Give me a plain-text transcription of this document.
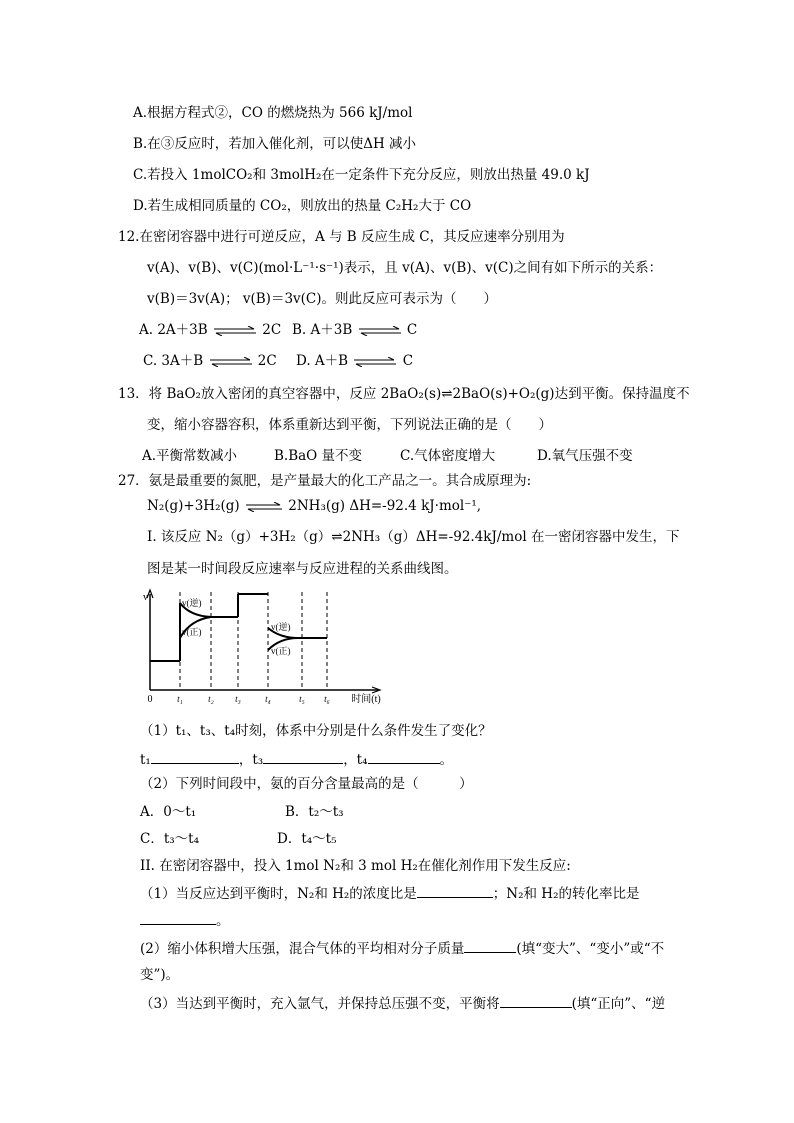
A.根据方程式②，CO 的燃烧热为 566 kJ/mol
B.在③反应时，若加入催化剂，可以使ΔH 减小
C.若投入 1molCO₂和 3molH₂在一定条件下充分反应，则放出热量 49.0 kJ
D.若生成相同质量的 CO₂，则放出的热量 C₂H₂大于 CO
12.在密闭容器中进行可逆反应，A 与 B 反应生成 C，其反应速率分别用为
v(A)、v(B)、v(C)(mol·L⁻¹·s⁻¹)表示，且 v(A)、v(B)、v(C)之间有如下所示的关系：
v(B)＝3v(A)； v(B)＝3v(C)。则此反应可表示为（　　）
A. 2A＋3B ⇌ 2C B. A＋3B ⇌ C
C. 3A＋B ⇌ 2C D. A＋B ⇌ C
13．将 BaO₂放入密闭的真空容器中，反应 2BaO₂(s)⇌2BaO(s)+O₂(g)达到平衡。保持温度不
变，缩小容器容积，体系重新达到平衡，下列说法正确的是（　　）
A.平衡常数减小	B.BaO 量不变	C.气体密度增大	D.氧气压强不变
27．氨是最重要的氮肥，是产量最大的化工产品之一。其合成原理为:
N₂(g)+3H₂(g) ⇌ 2NH₃(g) ΔH=-92.4 kJ·mol⁻¹,
I. 该反应 N₂（g）+3H₂（g）⇌2NH₃（g）ΔH=-92.4kJ/mol 在一密闭容器中发生，下
图是某一时间段反应速率与反应进程的关系曲线图。
v
0	时间(t)
t₁	t₂ t₃	t₄	t₅ t₆
v(逆)
v(正)	v(逆)
v(正)
（1）t₁、t₃、t₄时刻，体系中分别是什么条件发生了变化？
t₁	，t₃	，t₄	。
（2）下列时间段中，氨的百分含量最高的是（　　　）
A．0～t₁	B．t₂～t₃
C．t₃～t₄	D．t₄～t₅
II. 在密闭容器中，投入 1mol N₂和 3 mol H₂在催化剂作用下发生反应:
（1）当反应达到平衡时，N₂和 H₂的浓度比是	；N₂和 H₂的转化率比是
。
(2）缩小体积增大压强，混合气体的平均相对分子质量	(填“变大”、“变小”或“不
变”)。
（3）当达到平衡时，充入氩气，并保持总压强不变，平衡将	(填“正向”、“逆
